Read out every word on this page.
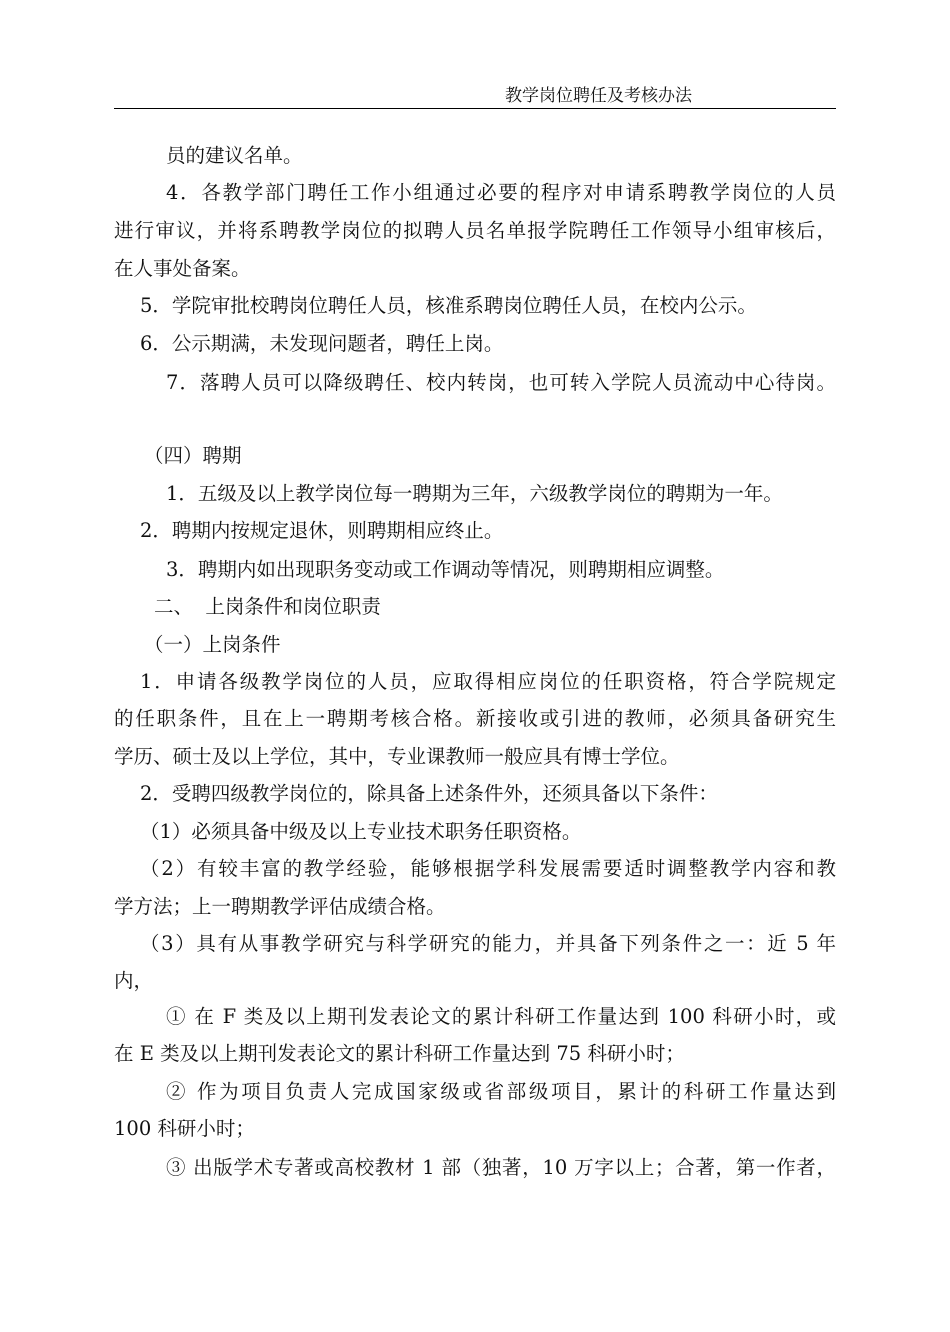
教学岗位聘任及考核办法
员的建议名单。
4．各教学部门聘任工作小组通过必要的程序对申请系聘教学岗位的人员
进行审议，并将系聘教学岗位的拟聘人员名单报学院聘任工作领导小组审核后，
在人事处备案。
5．学院审批校聘岗位聘任人员，核准系聘岗位聘任人员，在校内公示。
6．公示期满，未发现问题者，聘任上岗。
7．落聘人员可以降级聘任、校内转岗，也可转入学院人员流动中心待岗。
（四）聘期
1．五级及以上教学岗位每一聘期为三年，六级教学岗位的聘期为一年。
2．聘期内按规定退休，则聘期相应终止。
3．聘期内如出现职务变动或工作调动等情况，则聘期相应调整。
二、  上岗条件和岗位职责
（一）上岗条件
1．申请各级教学岗位的人员，应取得相应岗位的任职资格，符合学院规定
的任职条件，且在上一聘期考核合格。新接收或引进的教师，必须具备研究生
学历、硕士及以上学位，其中，专业课教师一般应具有博士学位。
2．受聘四级教学岗位的，除具备上述条件外，还须具备以下条件：
（1）必须具备中级及以上专业技术职务任职资格。
（2）有较丰富的教学经验，能够根据学科发展需要适时调整教学内容和教
学方法；上一聘期教学评估成绩合格。
（3）具有从事教学研究与科学研究的能力，并具备下列条件之一：近 5 年
内，
① 在 F 类及以上期刊发表论文的累计科研工作量达到 100 科研小时，或
在 E 类及以上期刊发表论文的累计科研工作量达到 75 科研小时；
② 作为项目负责人完成国家级或省部级项目，累计的科研工作量达到
100 科研小时；
③ 出版学术专著或高校教材 1 部（独著，10 万字以上；合著，第一作者，
